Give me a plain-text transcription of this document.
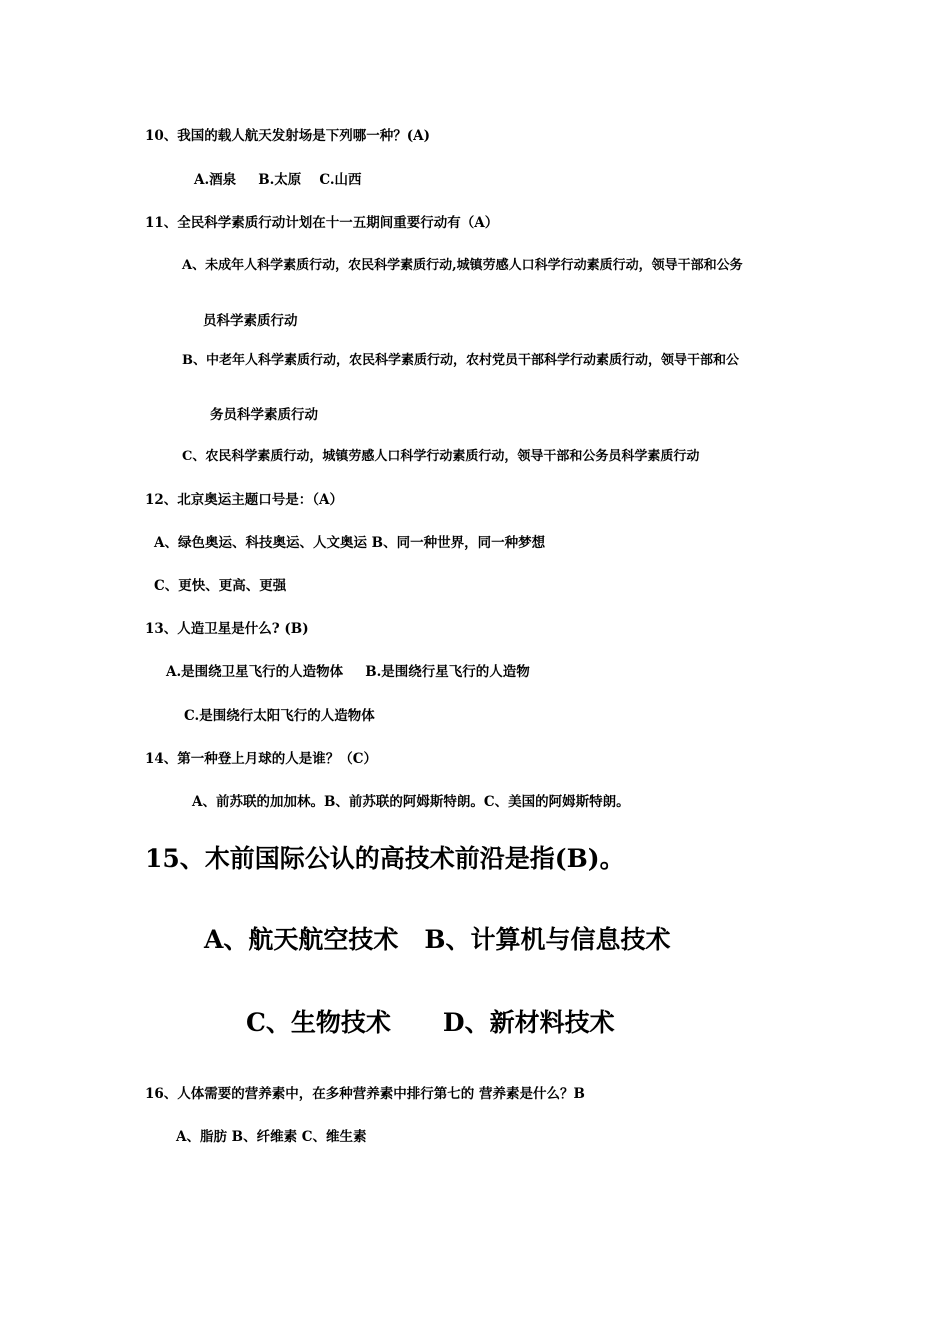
10、我国的载人航天发射场是下列哪一种？(A)
A.酒泉 B.太原 C.山西
11、全民科学素质行动计划在十一五期间重要行动有（A）
A、未成年人科学素质行动，农民科学素质行动,城镇劳感人口科学行动素质行动，领导干部和公务
员科学素质行动
B、中老年人科学素质行动，农民科学素质行动，农村党员干部科学行动素质行动，领导干部和公
务员科学素质行动
C、农民科学素质行动，城镇劳感人口科学行动素质行动，领导干部和公务员科学素质行动
12、北京奥运主题口号是：（A）
A、绿色奥运、科技奥运、人文奥运 B、同一种世界，同一种梦想
C、更快、更高、更强
13、人造卫星是什么? (B)
A.是围绕卫星飞行的人造物体 B.是围绕行星飞行的人造物
C.是围绕行太阳飞行的人造物体
14、第一种登上月球的人是谁？（C）
A、前苏联的加加林。B、前苏联的阿姆斯特朗。C、美国的阿姆斯特朗。
15、木前国际公认的高技术前沿是指(B)。
A、航天航空技术 B、计算机与信息技术
C、生物技术 D、新材料技术
16、人体需要的营养素中，在多种营养素中排行第七的 营养素是什么？B
A、脂肪 B、纤维素 C、维生素
